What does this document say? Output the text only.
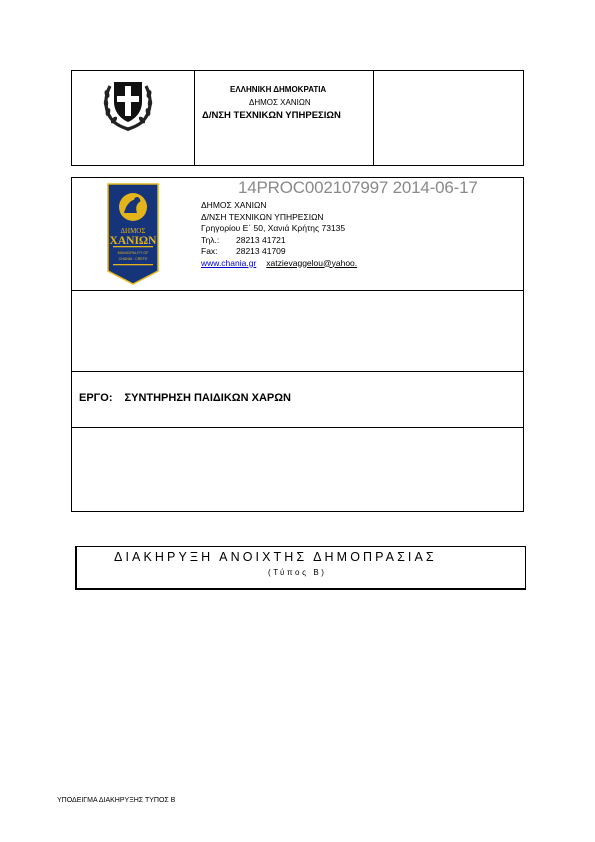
ΕΛΛΗΝΙΚΗ ΔΗΜΟΚΡΑΤΙΑ
ΔΗΜΟΣ ΧΑΝΙΩΝ
Δ/ΝΣΗ ΤΕΧΝΙΚΩΝ ΥΠΗΡΕΣΙΩΝ
ΔΗΜΟΣ
ΧΑΝΙΩΝ
MUNICIPALITY OF
CHANIA · CRETE
14PROC002107997 2014-06-17
ΔΗΜΟΣ ΧΑΝΙΩΝ
Δ/ΝΣΗ ΤΕΧΝΙΚΩΝ ΥΠΗΡΕΣΙΩΝ
Γρηγορίου Ε΄ 50, Χανιά Κρήτης 73135
Τηλ.: 28213 41721
Fax: 28213 41709
www.chania.gr xatzievaggelou@yahoo.
ΕΡΓΟ: ΣΥΝΤΗΡΗΣΗ ΠΑΙΔΙΚΩΝ ΧΑΡΩΝ
ΔΙΑΚΗΡΥΞΗ ΑΝΟΙΧΤΗΣ ΔΗΜΟΠΡΑΣΙΑΣ
(Τύπος Β)
ΥΠΟΔΕΙΓΜΑ ΔΙΑΚΗΡΥΞΗΣ ΤΥΠΟΣ Β
